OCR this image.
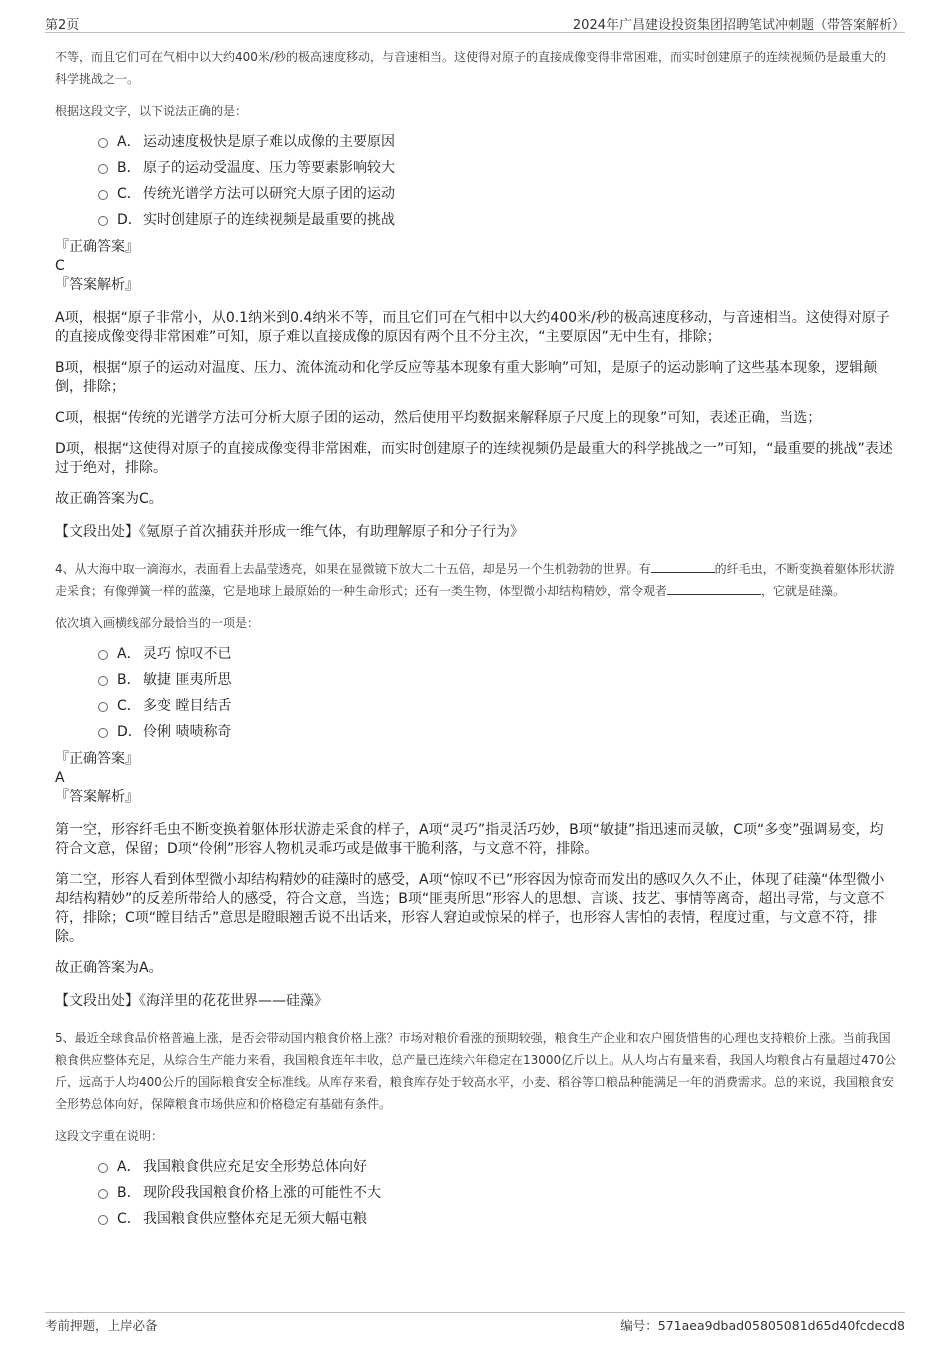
第2页	2024年广昌建设投资集团招聘笔试冲刺题（带答案解析）

不等，而且它们可在气相中以大约400米/秒的极高速度移动，与音速相当。这使得对原子的直接成像变得非常困难，而实时创建原子的连续视频仍是最重大的科学挑战之一。

根据这段文字，以下说法正确的是：

A． 运动速度极快是原子难以成像的主要原因
B． 原子的运动受温度、压力等要素影响较大
C． 传统光谱学方法可以研究大原子团的运动
D． 实时创建原子的连续视频是最重要的挑战

『正确答案』

C

『答案解析』

A项，根据“原子非常小，从0.1纳米到0.4纳米不等，而且它们可在气相中以大约400米/秒的极高速度移动，与音速相当。这使得对原子的直接成像变得非常困难”可知，原子难以直接成像的原因有两个且不分主次，“主要原因”无中生有，排除；

B项，根据“原子的运动对温度、压力、流体流动和化学反应等基本现象有重大影响”可知，是原子的运动影响了这些基本现象，逻辑颠倒，排除；

C项，根据“传统的光谱学方法可分析大原子团的运动，然后使用平均数据来解释原子尺度上的现象”可知，表述正确，当选；

D项，根据“这使得对原子的直接成像变得非常困难，而实时创建原子的连续视频仍是最重大的科学挑战之一”可知，“最重要的挑战”表述过于绝对，排除。

故正确答案为C。

【文段出处】《氪原子首次捕获并形成一维气体，有助理解原子和分子行为》

4、从大海中取一滴海水，表面看上去晶莹透亮，如果在显微镜下放大二十五倍，却是另一个生机勃勃的世界。有	的纤毛虫，不断变换着躯体形状游走采食；有像弹簧一样的蓝藻，它是地球上最原始的一种生命形式；还有一类生物，体型微小却结构精妙，常令观者	，它就是硅藻。

依次填入画横线部分最恰当的一项是：

A． 灵巧 惊叹不已
B． 敏捷 匪夷所思
C． 多变 瞠目结舌
D． 伶俐 啧啧称奇

『正确答案』

A

『答案解析』

第一空，形容纤毛虫不断变换着躯体形状游走采食的样子，A项“灵巧”指灵活巧妙，B项“敏捷”指迅速而灵敏，C项“多变”强调易变，均符合文意，保留；D项“伶俐”形容人物机灵乖巧或是做事干脆利落，与文意不符，排除。

第二空，形容人看到体型微小却结构精妙的硅藻时的感受，A项“惊叹不已”形容因为惊奇而发出的感叹久久不止，体现了硅藻“体型微小却结构精妙”的反差所带给人的感受，符合文意，当选；B项“匪夷所思”形容人的思想、言谈、技艺、事情等离奇，超出寻常，与文意不符，排除；C项“瞠目结舌”意思是瞪眼翘舌说不出话来，形容人窘迫或惊呆的样子，也形容人害怕的表情，程度过重，与文意不符，排除。

故正确答案为A。

【文段出处】《海洋里的花花世界——硅藻》

5、最近全球食品价格普遍上涨，是否会带动国内粮食价格上涨？市场对粮价看涨的预期较强，粮食生产企业和农户囤货惜售的心理也支持粮价上涨。当前我国粮食供应整体充足，从综合生产能力来看，我国粮食连年丰收，总产量已连续六年稳定在13000亿斤以上。从人均占有量来看，我国人均粮食占有量超过470公斤，远高于人均400公斤的国际粮食安全标准线。从库存来看，粮食库存处于较高水平，小麦、稻谷等口粮品种能满足一年的消费需求。总的来说，我国粮食安全形势总体向好，保障粮食市场供应和价格稳定有基础有条件。

这段文字重在说明：

A． 我国粮食供应充足安全形势总体向好
B． 现阶段我国粮食价格上涨的可能性不大
C． 我国粮食供应整体充足无须大幅屯粮
考前押题，上岸必备	编号：571aea9dbad05805081d65d40fcdecd8
